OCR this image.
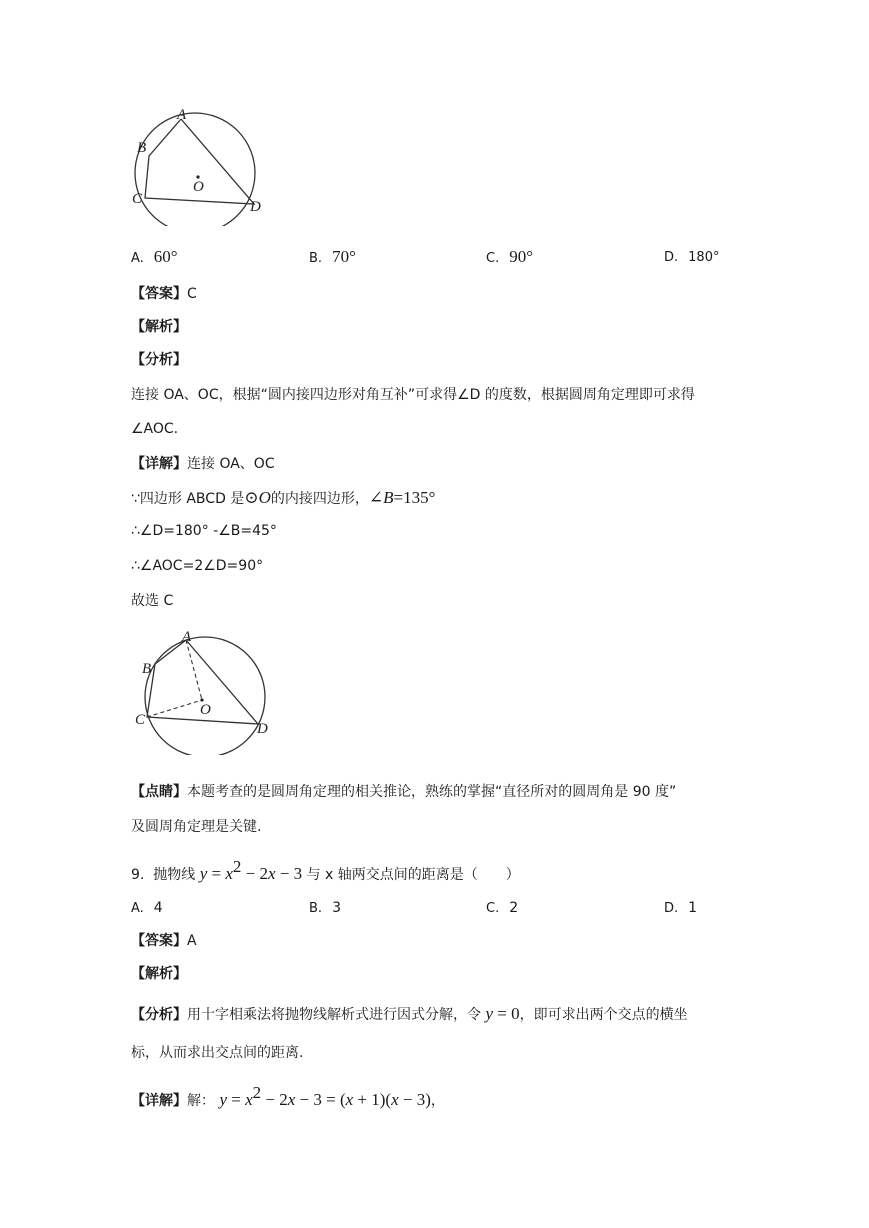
A
B
C	D
O
A. 60°	B. 70°	C. 90°	D. 180°
【答案】C
【解析】
【分析】
连接 OA、OC，根据“圆内接四边形对角互补”可求得∠D 的度数，根据圆周角定理即可求得
∠AOC.
【详解】连接 OA、OC
∵四边形 ABCD 是⊙O的内接四边形，∠B=135°
∴∠D=180° -∠B=45°
∴∠AOC=2∠D=90°
故选 C
A
B
C
D
O
【点睛】本题考查的是圆周角定理的相关推论，熟练的掌握“直径所对的圆周角是 90 度”
及圆周角定理是关键.
9. 抛物线 $y = x^2 - 2x - 3$ 与 x 轴两交点间的距离是（　　）
A. 4	B. 3	C. 2	D. 1
【答案】A
【解析】
【分析】用十字相乘法将抛物线解析式进行因式分解，令 y = 0，即可求出两个交点的横坐
标，从而求出交点间的距离.
【详解】解： $y = x^2 - 2x - 3 = (x + 1)(x - 3)$，
